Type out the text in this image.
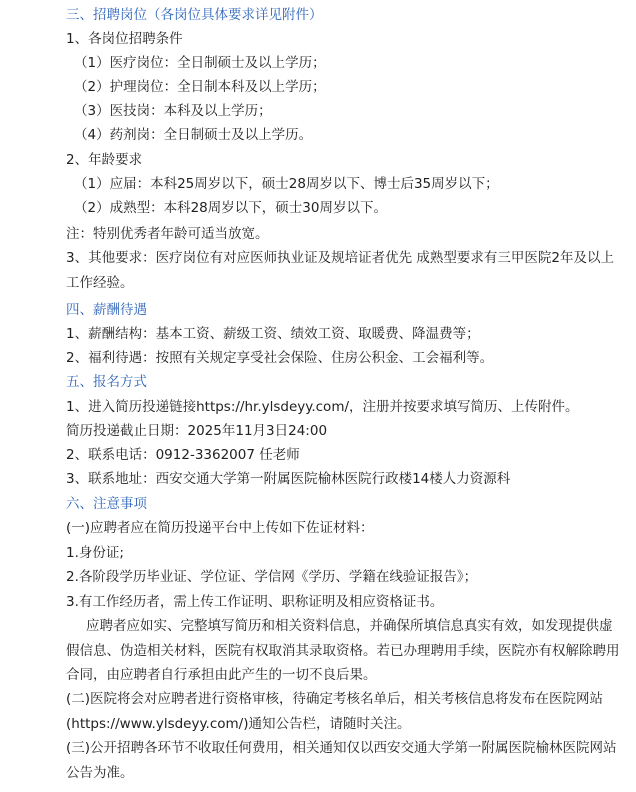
三、招聘岗位（各岗位具体要求详见附件）
1、各岗位招聘条件
（1）医疗岗位：全日制硕士及以上学历；
（2）护理岗位：全日制本科及以上学历；
（3）医技岗：本科及以上学历；
（4）药剂岗：全日制硕士及以上学历。
2、年龄要求
（1）应届：本科25周岁以下，硕士28周岁以下、博士后35周岁以下；
（2）成熟型：本科28周岁以下，硕士30周岁以下。
注：特别优秀者年龄可适当放宽。
3、其他要求：医疗岗位有对应医师执业证及规培证者优先 成熟型要求有三甲医院2年及以上工作经验。
四、薪酬待遇
1、薪酬结构：基本工资、薪级工资、绩效工资、取暖费、降温费等；
2、福利待遇：按照有关规定享受社会保险、住房公积金、工会福利等。
五、报名方式
1、进入简历投递链接https://hr.ylsdeyy.com/，注册并按要求填写简历、上传附件。
简历投递截止日期：2025年11月3日24:00
2、联系电话：0912-3362007 任老师
3、联系地址：西安交通大学第一附属医院榆林医院行政楼14楼人力资源科
六、注意事项
(一)应聘者应在简历投递平台中上传如下佐证材料：
1.身份证;
2.各阶段学历毕业证、学位证、学信网《学历、学籍在线验证报告》；
3.有工作经历者，需上传工作证明、职称证明及相应资格证书。
应聘者应如实、完整填写简历和相关资料信息，并确保所填信息真实有效，如发现提供虚假信息、伪造相关材料，医院有权取消其录取资格。若已办理聘用手续，医院亦有权解除聘用合同，由应聘者自行承担由此产生的一切不良后果。
(二)医院将会对应聘者进行资格审核，待确定考核名单后，相关考核信息将发布在医院网站(https://www.ylsdeyy.com/)通知公告栏，请随时关注。
(三)公开招聘各环节不收取任何费用，相关通知仅以西安交通大学第一附属医院榆林医院网站公告为准。
